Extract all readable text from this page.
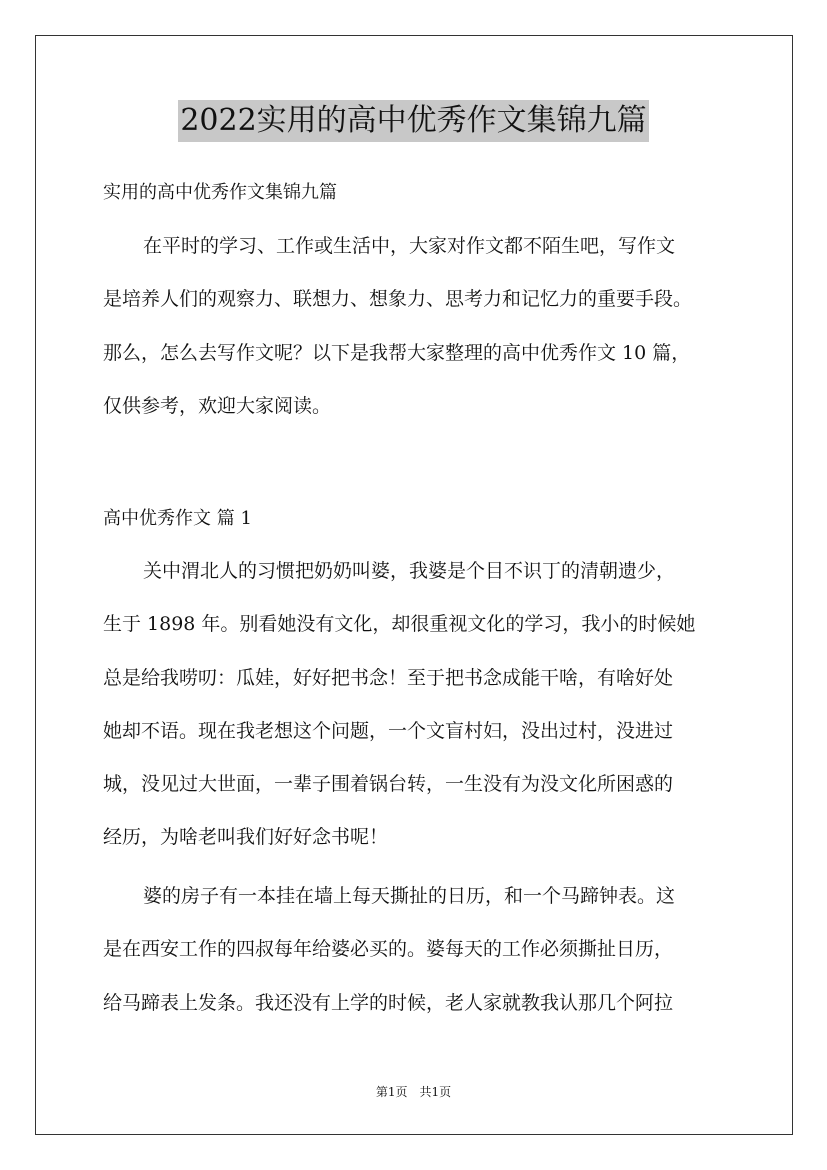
2022实用的高中优秀作文集锦九篇
实用的高中优秀作文集锦九篇
在平时的学习、工作或生活中，大家对作文都不陌生吧，写作文
是培养人们的观察力、联想力、想象力、思考力和记忆力的重要手段。
那么，怎么去写作文呢？以下是我帮大家整理的高中优秀作文 10 篇，
仅供参考，欢迎大家阅读。
高中优秀作文 篇 1
关中渭北人的习惯把奶奶叫婆，我婆是个目不识丁的清朝遗少，
生于 1898 年。别看她没有文化，却很重视文化的学习，我小的时候她
总是给我唠叨：瓜娃，好好把书念！至于把书念成能干啥，有啥好处
她却不语。现在我老想这个问题，一个文盲村妇，没出过村，没进过
城，没见过大世面，一辈子围着锅台转，一生没有为没文化所困惑的
经历，为啥老叫我们好好念书呢！
婆的房子有一本挂在墙上每天撕扯的日历，和一个马蹄钟表。这
是在西安工作的四叔每年给婆必买的。婆每天的工作必须撕扯日历，
给马蹄表上发条。我还没有上学的时候，老人家就教我认那几个阿拉
第1页　共1页
